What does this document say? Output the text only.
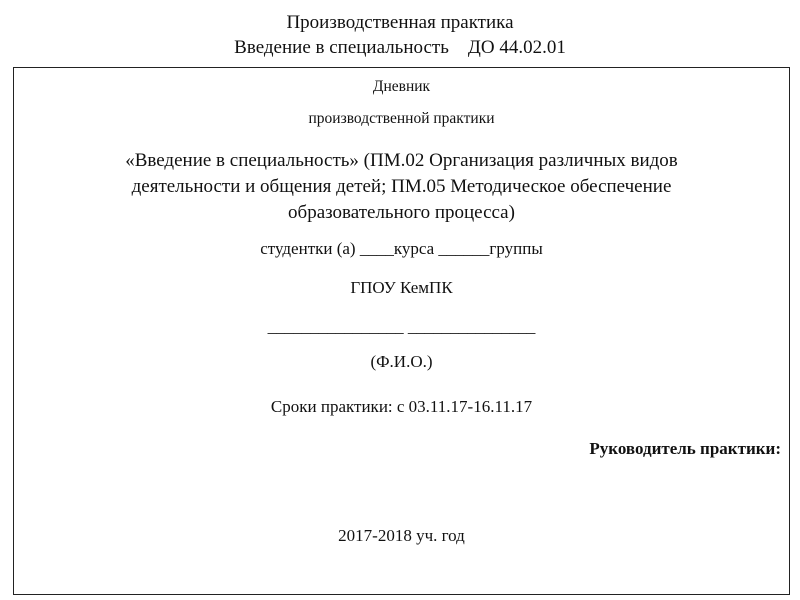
Производственная практика
Введение в специальность    ДО 44.02.01
Дневник
производственной практики
«Введение в специальность» (ПМ.02 Организация различных видов
деятельности и общения детей; ПМ.05 Методическое обеспечение
образовательного процесса)
студентки (а) ____курса ______группы
ГПОУ КемПК
________________ _______________
(Ф.И.О.)
Сроки практики: с 03.11.17-16.11.17
Руководитель практики:
2017-2018 уч. год
